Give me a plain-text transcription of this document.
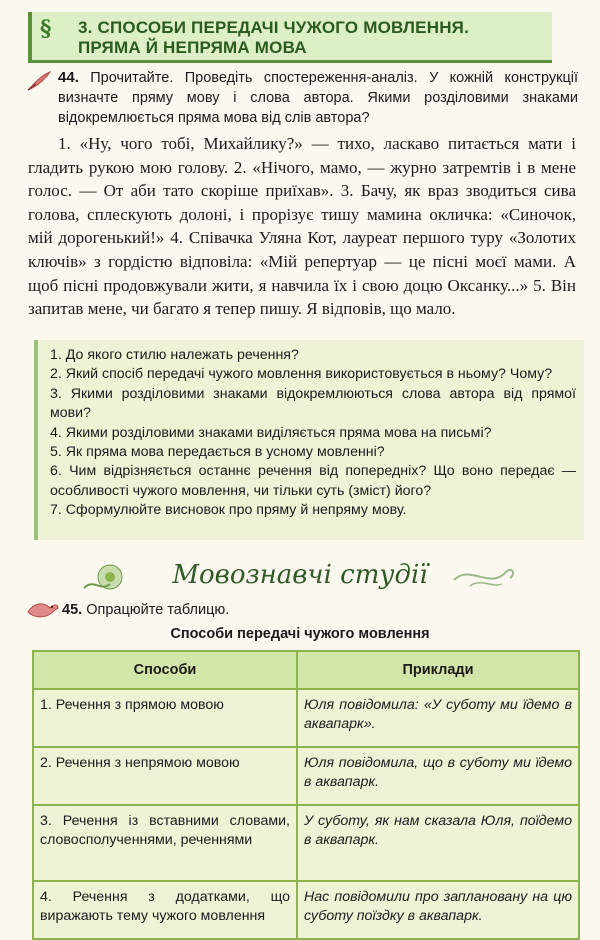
§ 3. СПОСОБИ ПЕРЕДАЧІ ЧУЖОГО МОВЛЕННЯ.
ПРЯМА Й НЕПРЯМА МОВА
44. Прочитайте. Проведіть спостереження-аналіз. У кожній конструкції визначте пряму мову і слова автора. Якими розділовими знаками відокремлюється пряма мова від слів автора?

1. «Ну, чого тобі, Михайлику?» — тихо, ласкаво питається мати і гладить рукою мою голову. 2. «Нічого, мамо, — журно затремтів і в мене голос. — От аби тато скоріше приїхав». 3. Бачу, як враз зводиться сива голова, сплескують долоні, і прорізує тишу мамина окличка: «Синочок, мій дорогенький!» 4. Співачка Уляна Кот, лауреат першого туру «Золотих ключів» з гордістю відповіла: «Мій репертуар — це пісні моєї мами. А щоб пісні продовжували жити, я навчила їх і свою доцю Оксанку...» 5. Він запитав мене, чи багато я тепер пишу. Я відповів, що мало.

1. До якого стилю належать речення?
2. Який спосіб передачі чужого мовлення використовується в ньому? Чому?
3. Якими розділовими знаками відокремлюються слова автора від прямої мови?
4. Якими розділовими знаками виділяється пряма мова на письмі?
5. Як пряма мова передається в усному мовленні?
6. Чим відрізняється останнє речення від попередніх? Що воно передає — особливості чужого мовлення, чи тільки суть (зміст) його?
7. Сформулюйте висновок про пряму й непряму мову.
Мовознавчі студії
45. Опрацюйте таблицю.
Способи передачі чужого мовлення
Способи	Приклади
1. Речення з прямою мовою	Юля повідомила: «У суботу ми їдемо в аквапарк».
2. Речення з непрямою мовою	Юля повідомила, що в суботу ми їдемо в аквапарк.
3. Речення із вставними словами, словосполученнями, реченнями	У суботу, як нам сказала Юля, поїдемо в аквапарк.
4. Речення з додатками, що виражають тему чужого мовлення	Нас повідомили про заплановану на цю суботу поїздку в аквапарк.
